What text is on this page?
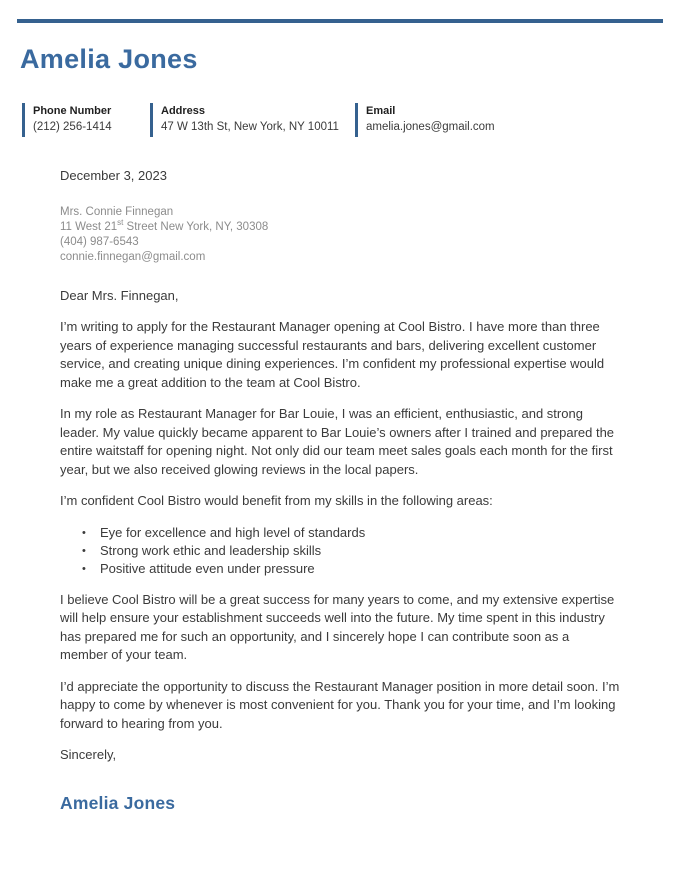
Amelia Jones
Phone Number
(212) 256-1414
Address
47 W 13th St, New York, NY 10011
Email
amelia.jones@gmail.com
December 3, 2023
Mrs. Connie Finnegan
11 West 21st Street New York, NY, 30308
(404) 987-6543
connie.finnegan@gmail.com
Dear Mrs. Finnegan,

I’m writing to apply for the Restaurant Manager opening at Cool Bistro. I have more than three years of experience managing successful restaurants and bars, delivering excellent customer service, and creating unique dining experiences. I’m confident my professional expertise would make me a great addition to the team at Cool Bistro.

In my role as Restaurant Manager for Bar Louie, I was an efficient, enthusiastic, and strong leader. My value quickly became apparent to Bar Louie’s owners after I trained and prepared the entire waitstaff for opening night. Not only did our team meet sales goals each month for the first year, but we also received glowing reviews in the local papers.

I’m confident Cool Bistro would benefit from my skills in the following areas:

• Eye for excellence and high level of standards
• Strong work ethic and leadership skills
• Positive attitude even under pressure

I believe Cool Bistro will be a great success for many years to come, and my extensive expertise will help ensure your establishment succeeds well into the future. My time spent in this industry has prepared me for such an opportunity, and I sincerely hope I can contribute soon as a member of your team.

I’d appreciate the opportunity to discuss the Restaurant Manager position in more detail soon. I’m happy to come by whenever is most convenient for you. Thank you for your time, and I’m looking forward to hearing from you.

Sincerely,
Amelia Jones
